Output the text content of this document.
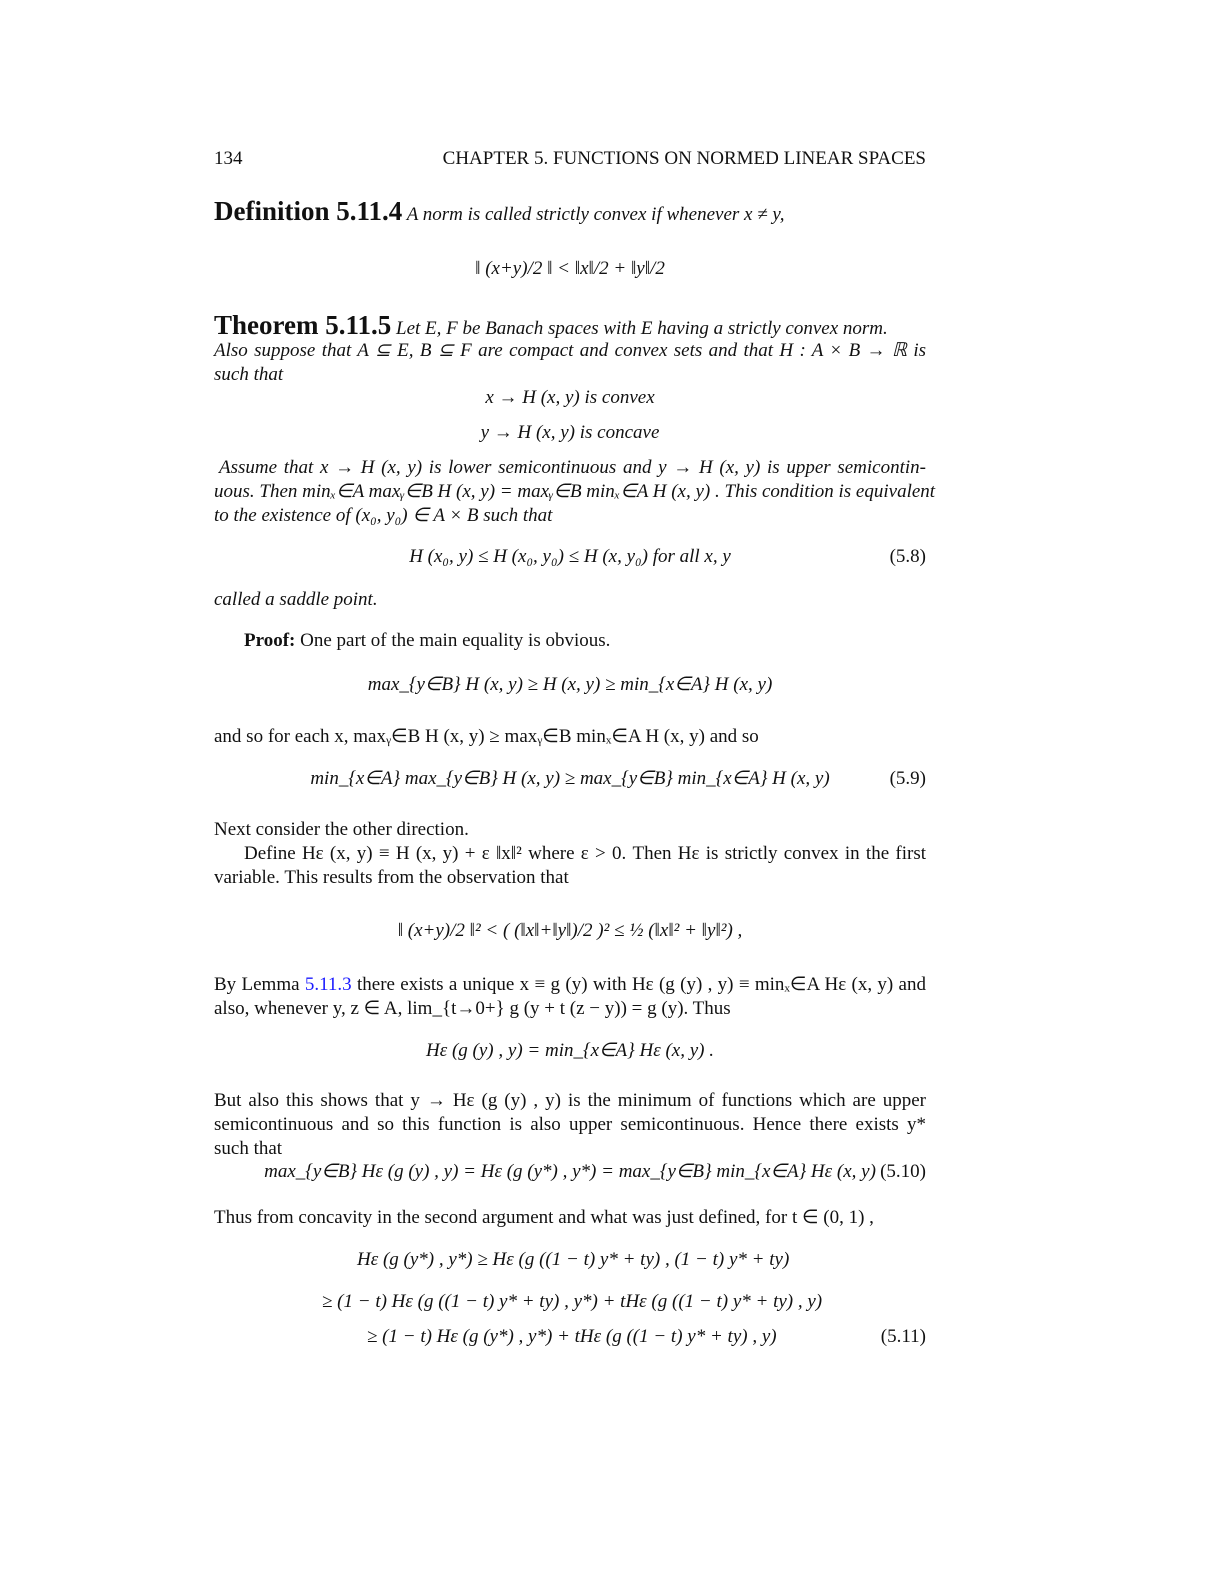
134	CHAPTER 5. FUNCTIONS ON NORMED LINEAR SPACES
Definition 5.11.4 A norm is called strictly convex if whenever x ≠ y,
‖ (x+y)/2 ‖ < ‖x‖/2 + ‖y‖/2
Theorem 5.11.5 Let E, F be Banach spaces with E having a strictly convex norm.
Also suppose that A ⊆ E, B ⊆ F are compact and convex sets and that H : A × B → ℝ is
such that
x → H (x, y) is convex
y → H (x, y) is concave
Assume that x → H (x, y) is lower semicontinuous and y → H (x, y) is upper semicontin-
uous. Then minₓ∈A maxᵧ∈B H (x, y) = maxᵧ∈B minₓ∈A H (x, y) . This condition is equivalent
to the existence of (x₀, y₀) ∈ A × B such that
H (x₀, y) ≤ H (x₀, y₀) ≤ H (x, y₀) for all x, y	(5.8)
called a saddle point.
Proof: One part of the main equality is obvious.
max_{y∈B} H (x, y) ≥ H (x, y) ≥ min_{x∈A} H (x, y)
and so for each x, maxᵧ∈B H (x, y) ≥ maxᵧ∈B minₓ∈A H (x, y) and so
min_{x∈A} max_{y∈B} H (x, y) ≥ max_{y∈B} min_{x∈A} H (x, y)	(5.9)
Next consider the other direction.
Define Hε (x, y) ≡ H (x, y) + ε ‖x‖² where ε > 0. Then Hε is strictly convex in the first
variable. This results from the observation that
‖ (x+y)/2 ‖² < ( (‖x‖+‖y‖)/2 )² ≤ ½ (‖x‖² + ‖y‖²) ,
By Lemma 5.11.3 there exists a unique x ≡ g (y) with Hε (g (y) , y) ≡ minₓ∈A Hε (x, y) and
also, whenever y, z ∈ A, lim_{t→0+} g (y + t (z − y)) = g (y). Thus
Hε (g (y) , y) = min_{x∈A} Hε (x, y) .
But also this shows that y → Hε (g (y) , y) is the minimum of functions which are upper
semicontinuous and so this function is also upper semicontinuous. Hence there exists y*
such that
max_{y∈B} Hε (g (y) , y) = Hε (g (y*) , y*) = max_{y∈B} min_{x∈A} Hε (x, y) (5.10)
Thus from concavity in the second argument and what was just defined, for t ∈ (0, 1) ,
Hε (g (y*) , y*) ≥ Hε (g ((1 − t) y* + ty) , (1 − t) y* + ty)
≥ (1 − t) Hε (g ((1 − t) y* + ty) , y*) + tHε (g ((1 − t) y* + ty) , y)
≥ (1 − t) Hε (g (y*) , y*) + tHε (g ((1 − t) y* + ty) , y)	(5.11)
